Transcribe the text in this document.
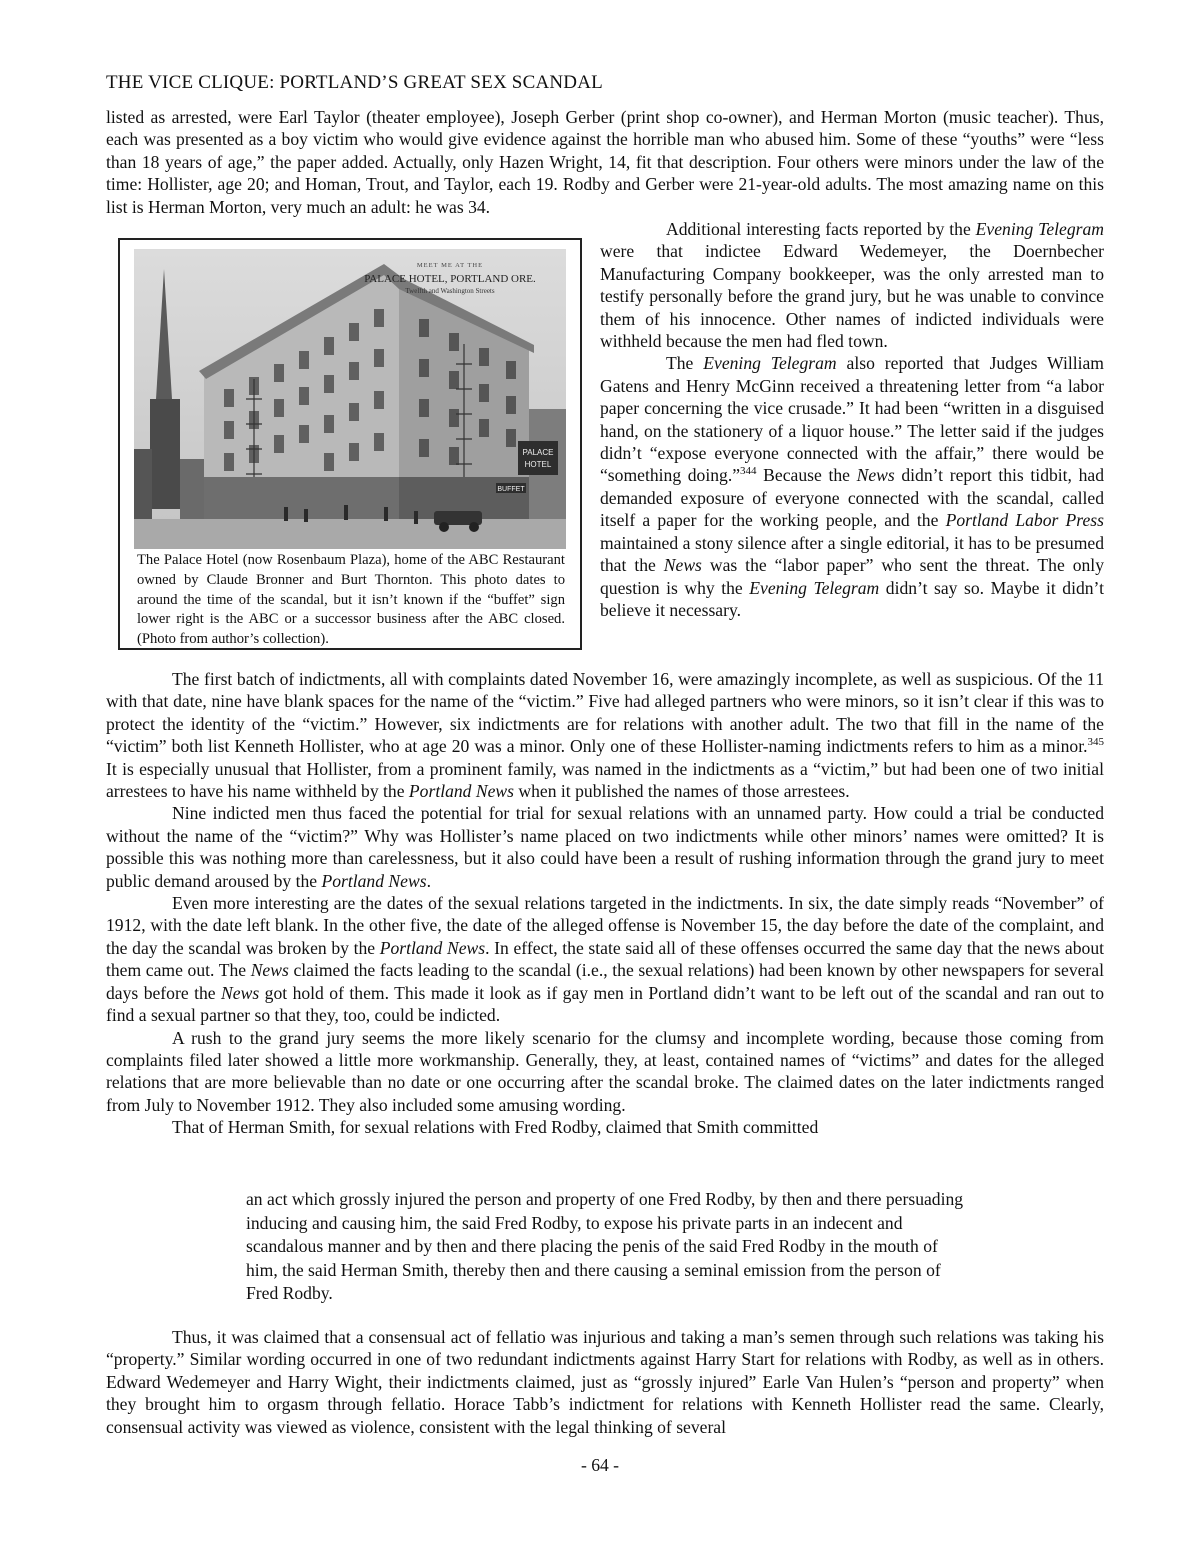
THE VICE CLIQUE: PORTLAND’S GREAT SEX SCANDAL

listed as arrested, were Earl Taylor (theater employee), Joseph Gerber (print shop co-owner), and Herman Morton (music teacher). Thus, each was presented as a boy victim who would give evidence against the horrible man who abused him. Some of these “youths” were “less than 18 years of age,” the paper added. Actually, only Hazen Wright, 14, fit that description. Four others were minors under the law of the time: Hollister, age 20; and Homan, Trout, and Taylor, each 19. Rodby and Gerber were 21-year-old adults. The most amazing name on this list is Herman Morton, very much an adult: he was 34.

PALACE
HOTEL
BUFFET
MEET ME AT THE
PALACE HOTEL, PORTLAND ORE.
Twelfth and Washington Streets
The Palace Hotel (now Rosenbaum Plaza), home of the ABC Restaurant owned by Claude Bronner and Burt Thornton. This photo dates to around the time of the scandal, but it isn’t known if the “buffet” sign lower right is the ABC or a successor business after the ABC closed. (Photo from author’s collection).

Additional interesting facts reported by the Evening Telegram were that indictee Edward Wedemeyer, the Doernbecher Manufacturing Company bookkeeper, was the only arrested man to testify personally before the grand jury, but he was unable to convince them of his innocence. Other names of indicted individuals were withheld because the men had fled town.

The Evening Telegram also reported that Judges William Gatens and Henry McGinn received a threatening letter from “a labor paper concerning the vice crusade.” It had been “written in a disguised hand, on the stationery of a liquor house.” The letter said if the judges didn’t “expose everyone connected with the affair,” there would be “something doing.”$^{344}$ Because the News didn’t report this tidbit, had demanded exposure of everyone connected with the scandal, called itself a paper for the working people, and the Portland Labor Press maintained a stony silence after a single editorial, it has to be presumed that the News was the “labor paper” who sent the threat. The only question is why the Evening Telegram didn’t say so. Maybe it didn’t believe it necessary.

The first batch of indictments, all with complaints dated November 16, were amazingly incomplete, as well as suspicious. Of the 11 with that date, nine have blank spaces for the name of the “victim.” Five had alleged partners who were minors, so it isn’t clear if this was to protect the identity of the “victim.” However, six indictments are for relations with another adult. The two that fill in the name of the “victim” both list Kenneth Hollister, who at age 20 was a minor. Only one of these Hollister-naming indictments refers to him as a minor.$^{345}$ It is especially unusual that Hollister, from a prominent family, was named in the indictments as a “victim,” but had been one of two initial arrestees to have his name withheld by the Portland News when it published the names of those arrestees.

Nine indicted men thus faced the potential for trial for sexual relations with an unnamed party. How could a trial be conducted without the name of the “victim?” Why was Hollister’s name placed on two indictments while other minors’ names were omitted? It is possible this was nothing more than carelessness, but it also could have been a result of rushing information through the grand jury to meet public demand aroused by the Portland News.

Even more interesting are the dates of the sexual relations targeted in the indictments. In six, the date simply reads “November” of 1912, with the date left blank. In the other five, the date of the alleged offense is November 15, the day before the date of the complaint, and the day the scandal was broken by the Portland News. In effect, the state said all of these offenses occurred the same day that the news about them came out. The News claimed the facts leading to the scandal (i.e., the sexual relations) had been known by other newspapers for several days before the News got hold of them. This made it look as if gay men in Portland didn’t want to be left out of the scandal and ran out to find a sexual partner so that they, too, could be indicted.

A rush to the grand jury seems the more likely scenario for the clumsy and incomplete wording, because those coming from complaints filed later showed a little more workmanship. Generally, they, at least, contained names of “victims” and dates for the alleged relations that are more believable than no date or one occurring after the scandal broke. The claimed dates on the later indictments ranged from July to November 1912. They also included some amusing wording.

That of Herman Smith, for sexual relations with Fred Rodby, claimed that Smith committed

an act which grossly injured the person and property of one Fred Rodby, by then and there persuading inducing and causing him, the said Fred Rodby, to expose his private parts in an indecent and scandalous manner and by then and there placing the penis of the said Fred Rodby in the mouth of him, the said Herman Smith, thereby then and there causing a seminal emission from the person of Fred Rodby.

Thus, it was claimed that a consensual act of fellatio was injurious and taking a man’s semen through such relations was taking his “property.” Similar wording occurred in one of two redundant indictments against Harry Start for relations with Rodby, as well as in others. Edward Wedemeyer and Harry Wight, their indictments claimed, just as “grossly injured” Earle Van Hulen’s “person and property” when they brought him to orgasm through fellatio. Horace Tabb’s indictment for relations with Kenneth Hollister read the same. Clearly, consensual activity was viewed as violence, consistent with the legal thinking of several

- 64 -
